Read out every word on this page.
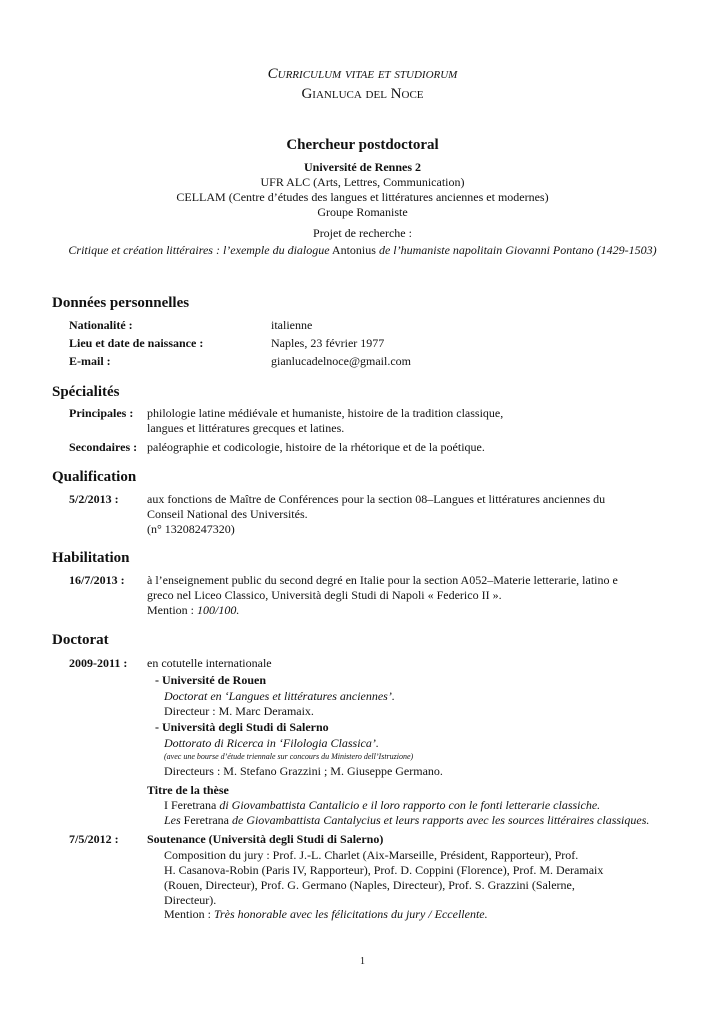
Curriculum vitae et studiorum
Gianluca del Noce
Chercheur postdoctoral
Université de Rennes 2
UFR ALC (Arts, Lettres, Communication)
CELLAM (Centre d’études des langues et littératures anciennes et modernes)
Groupe Romaniste
Projet de recherche :
Critique et création littéraires : l’exemple du dialogue Antonius de l’humaniste napolitain Giovanni Pontano (1429-1503)
Données personnelles
Nationalité :	italienne
Lieu et date de naissance :	Naples, 23 février 1977
E-mail :	gianlucadelnoce@gmail.com
Spécialités
Principales : philologie latine médiévale et humaniste, histoire de la tradition classique,
langues et littératures grecques et latines.
Secondaires : paléographie et codicologie, histoire de la rhétorique et de la poétique.
Qualification
5/2/2013 : aux fonctions de Maître de Conférences pour la section 08–Langues et littératures anciennes du
Conseil National des Universités.
(n° 13208247320)
Habilitation
16/7/2013 : à l’enseignement public du second degré en Italie pour la section A052–Materie letterarie, latino e
greco nel Liceo Classico, Università degli Studi di Napoli « Federico II ».
Mention : 100/100.
Doctorat
2009-2011 : en cotutelle internationale
- Université de Rouen
Doctorat en ‘Langues et littératures anciennes’.
Directeur : M. Marc Deramaix.
- Università degli Studi di Salerno
Dottorato di Ricerca in ‘Filologia Classica’.
(avec une bourse d’étude triennale sur concours du Ministero dell’Istruzione)
Directeurs : M. Stefano Grazzini ; M. Giuseppe Germano.
Titre de la thèse
I Feretrana di Giovambattista Cantalicio e il loro rapporto con le fonti letterarie classiche.
Les Feretrana de Giovambattista Cantalycius et leurs rapports avec les sources littéraires classiques.
7/5/2012 : Soutenance (Università degli Studi di Salerno)
Composition du jury : Prof. J.-L. Charlet (Aix-Marseille, Président, Rapporteur), Prof.
H. Casanova-Robin (Paris IV, Rapporteur), Prof. D. Coppini (Florence), Prof. M. Deramaix
(Rouen, Directeur), Prof. G. Germano (Naples, Directeur), Prof. S. Grazzini (Salerne,
Directeur).
Mention : Très honorable avec les félicitations du jury / Eccellente.
1
